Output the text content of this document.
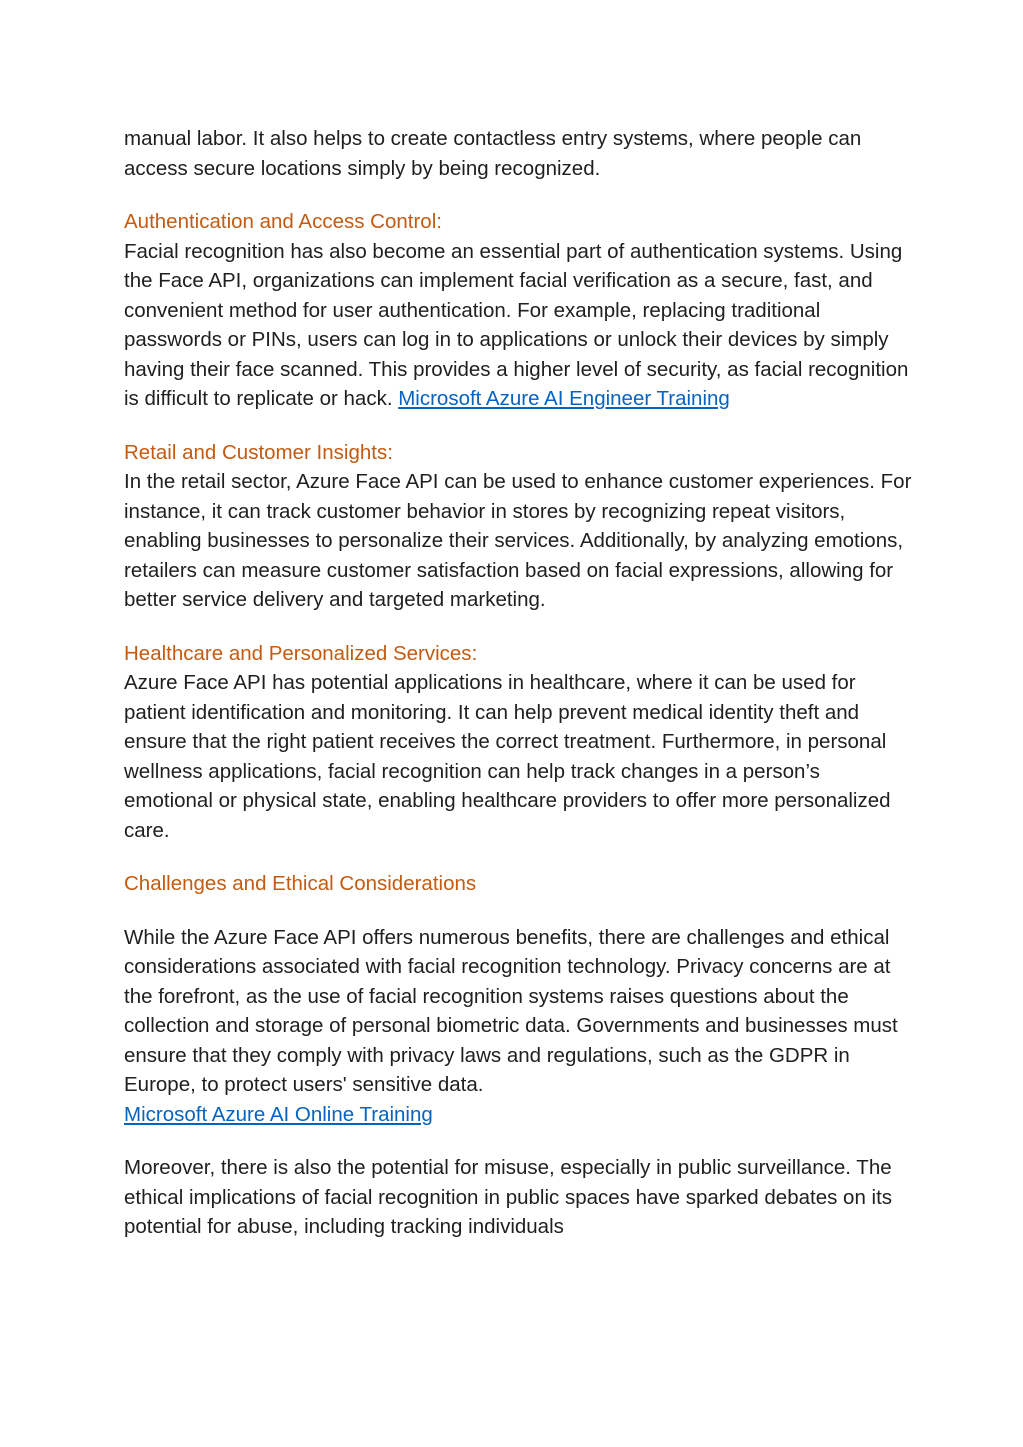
manual labor. It also helps to create contactless entry systems, where people can access secure locations simply by being recognized.

Authentication and Access Control:

Facial recognition has also become an essential part of authentication systems. Using the Face API, organizations can implement facial verification as a secure, fast, and convenient method for user authentication. For example, replacing traditional passwords or PINs, users can log in to applications or unlock their devices by simply having their face scanned. This provides a higher level of security, as facial recognition is difficult to replicate or hack. Microsoft Azure AI Engineer Training

Retail and Customer Insights:

In the retail sector, Azure Face API can be used to enhance customer experiences. For instance, it can track customer behavior in stores by recognizing repeat visitors, enabling businesses to personalize their services. Additionally, by analyzing emotions, retailers can measure customer satisfaction based on facial expressions, allowing for better service delivery and targeted marketing.

Healthcare and Personalized Services:

Azure Face API has potential applications in healthcare, where it can be used for patient identification and monitoring. It can help prevent medical identity theft and ensure that the right patient receives the correct treatment. Furthermore, in personal wellness applications, facial recognition can help track changes in a person’s emotional or physical state, enabling healthcare providers to offer more personalized care.

Challenges and Ethical Considerations

While the Azure Face API offers numerous benefits, there are challenges and ethical considerations associated with facial recognition technology. Privacy concerns are at the forefront, as the use of facial recognition systems raises questions about the collection and storage of personal biometric data. Governments and businesses must ensure that they comply with privacy laws and regulations, such as the GDPR in Europe, to protect users' sensitive data.
Microsoft Azure AI Online Training

Moreover, there is also the potential for misuse, especially in public surveillance. The ethical implications of facial recognition in public spaces have sparked debates on its potential for abuse, including tracking individuals
